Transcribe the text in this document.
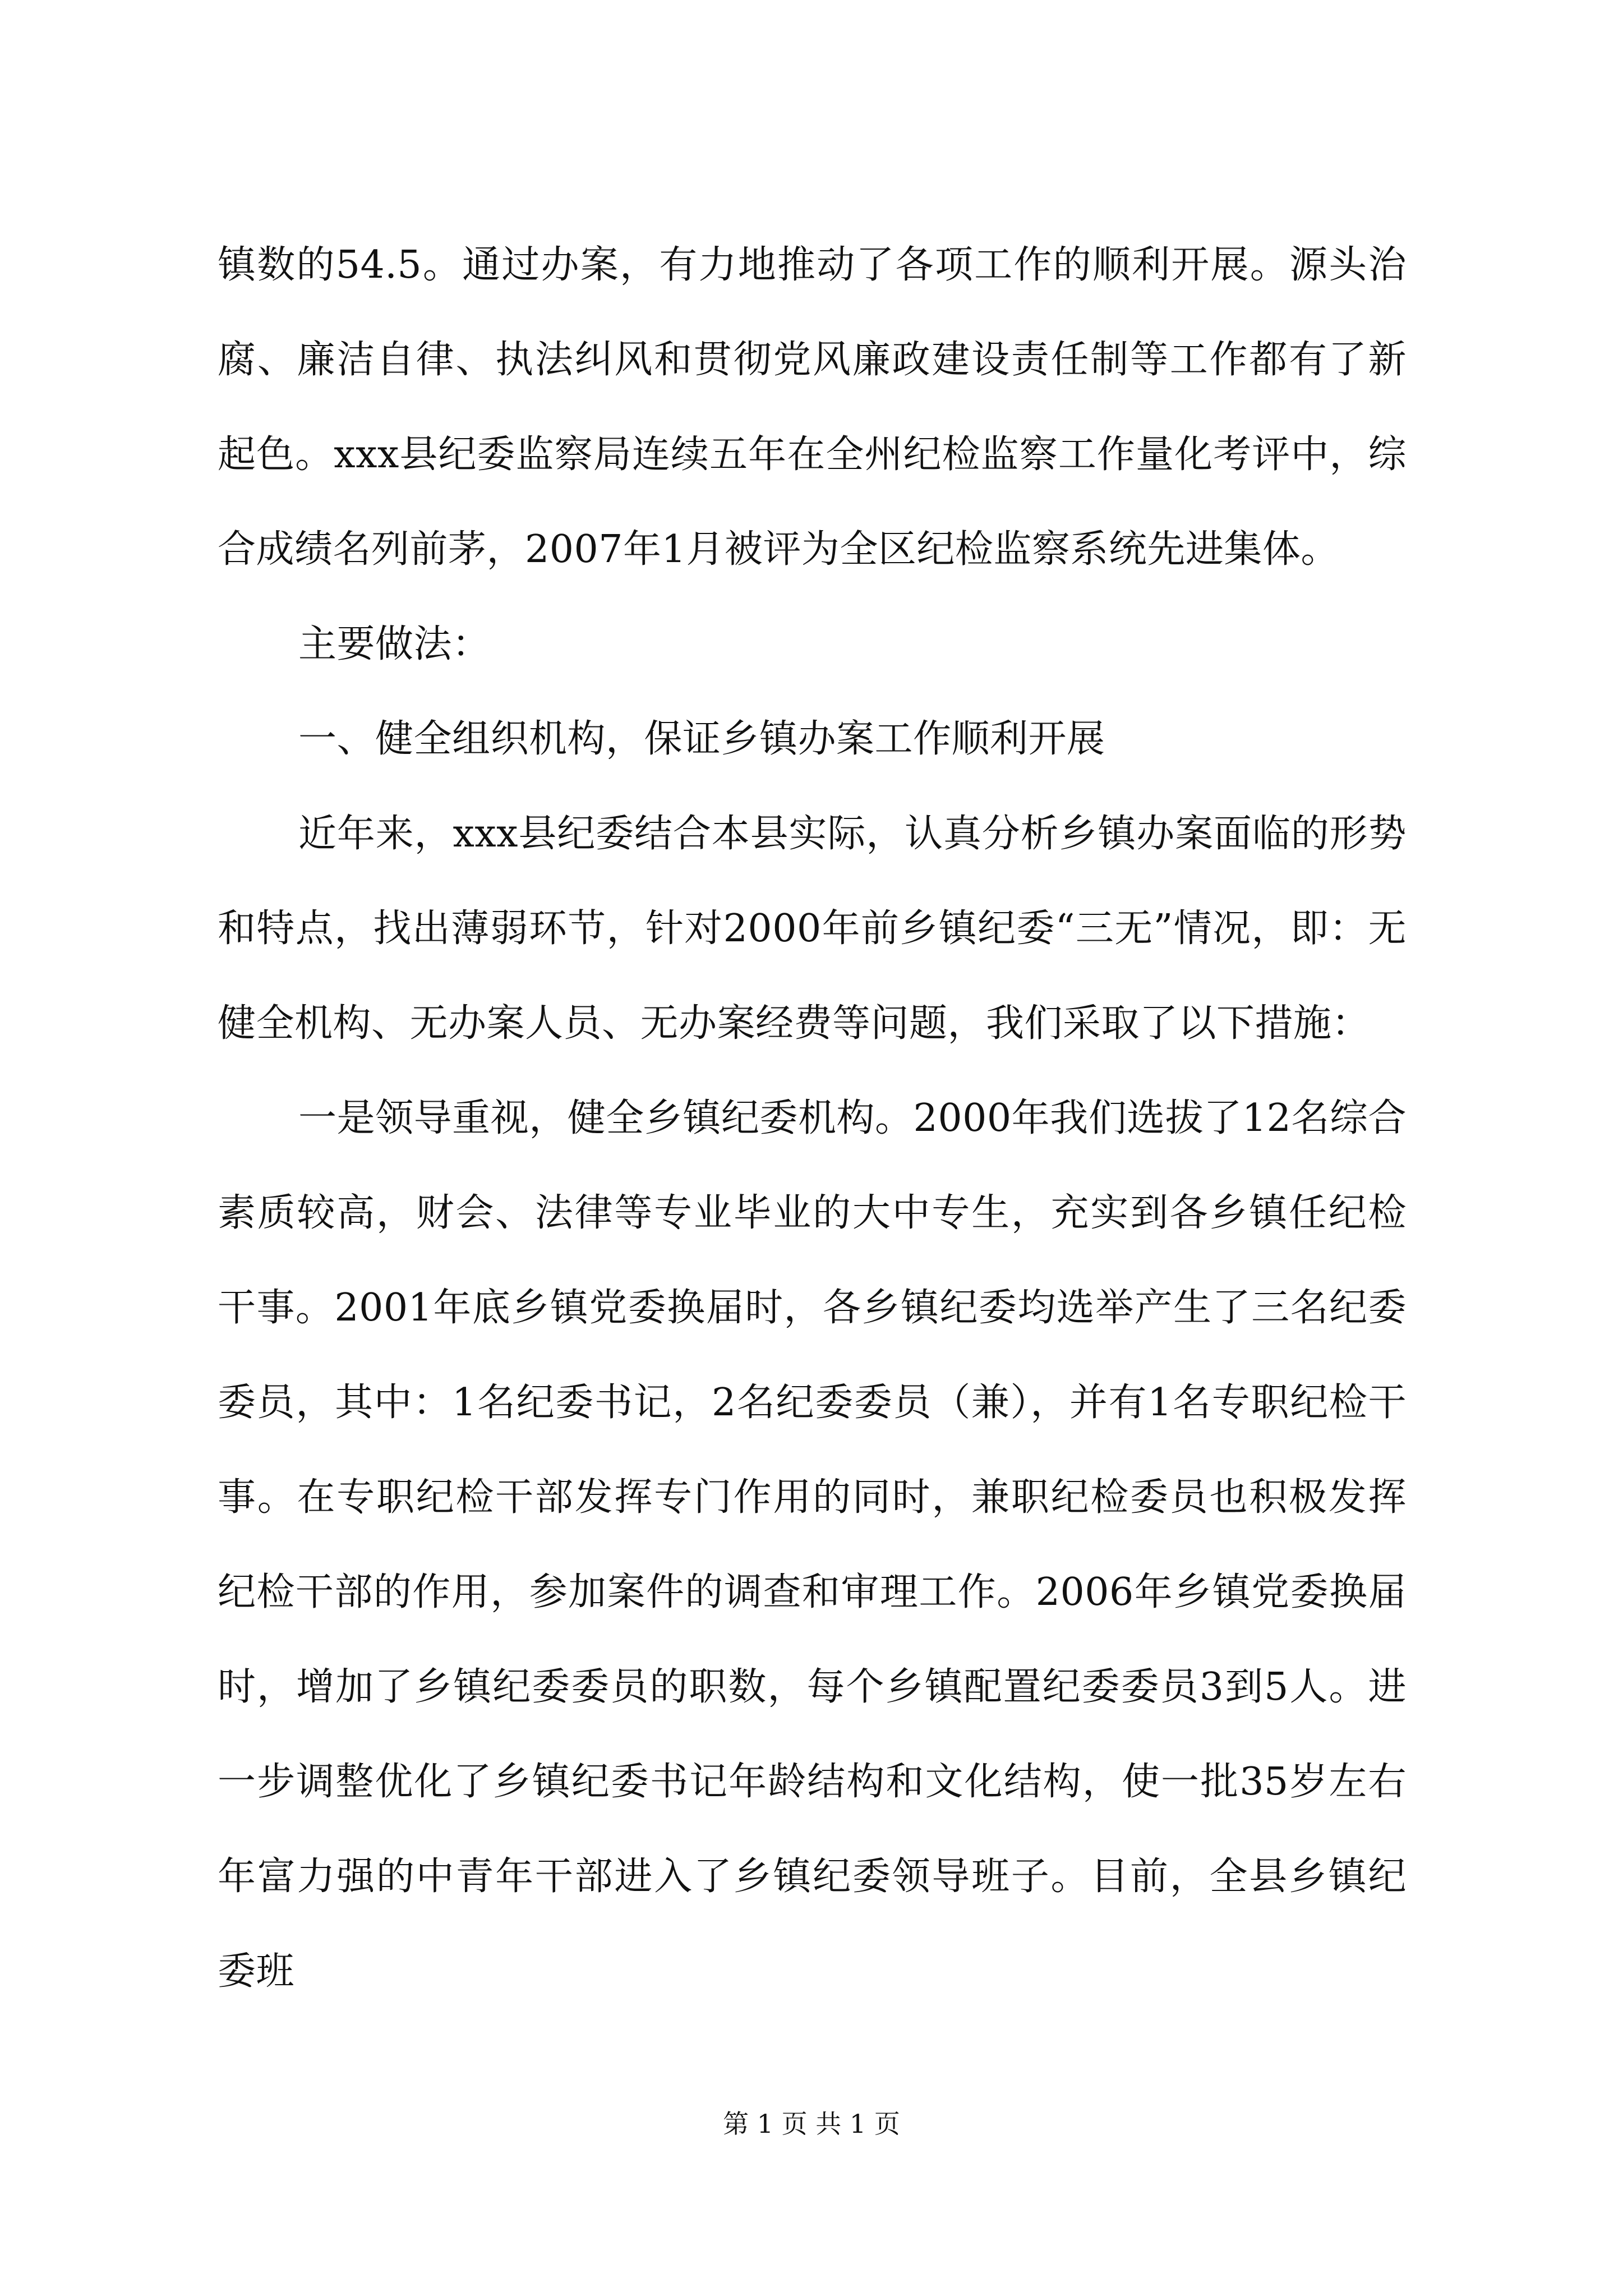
镇数的54.5。通过办案，有力地推动了各项工作的顺利开展。源头治腐、廉洁自律、执法纠风和贯彻党风廉政建设责任制等工作都有了新起色。xxx县纪委监察局连续五年在全州纪检监察工作量化考评中，综合成绩名列前茅，2007年1月被评为全区纪检监察系统先进集体。

主要做法：

一、健全组织机构，保证乡镇办案工作顺利开展

近年来，xxx县纪委结合本县实际，认真分析乡镇办案面临的形势和特点，找出薄弱环节，针对2000年前乡镇纪委“三无”情况，即：无健全机构、无办案人员、无办案经费等问题，我们采取了以下措施：

一是领导重视，健全乡镇纪委机构。2000年我们选拔了12名综合素质较高，财会、法律等专业毕业的大中专生，充实到各乡镇任纪检干事。2001年底乡镇党委换届时，各乡镇纪委均选举产生了三名纪委委员，其中：1名纪委书记，2名纪委委员（兼），并有1名专职纪检干事。在专职纪检干部发挥专门作用的同时，兼职纪检委员也积极发挥纪检干部的作用，参加案件的调查和审理工作。2006年乡镇党委换届时，增加了乡镇纪委委员的职数，每个乡镇配置纪委委员3到5人。进一步调整优化了乡镇纪委书记年龄结构和文化结构，使一批35岁左右年富力强的中青年干部进入了乡镇纪委领导班子。目前，全县乡镇纪委班

第 1 页 共 1 页
